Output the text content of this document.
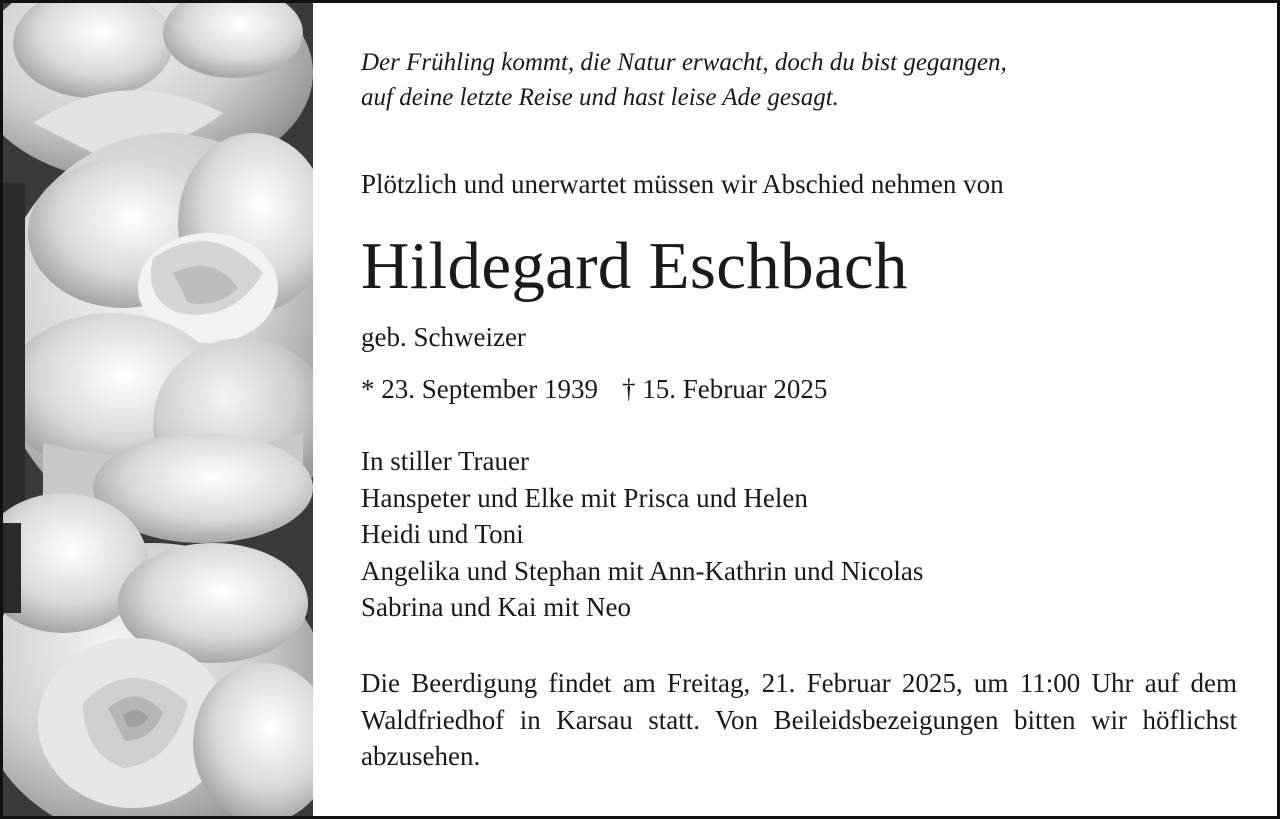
Der Frühling kommt, die Natur erwacht, doch du bist gegangen,
auf deine letzte Reise und hast leise Ade gesagt.
Plötzlich und unerwartet müssen wir Abschied nehmen von
Hildegard Eschbach
geb. Schweizer
* 23. September 1939 † 15. Februar 2025
In stiller Trauer
Hanspeter und Elke mit Prisca und Helen
Heidi und Toni
Angelika und Stephan mit Ann-Kathrin und Nicolas
Sabrina und Kai mit Neo
Die Beerdigung findet am Freitag, 21. Februar 2025, um 11:00 Uhr auf dem Waldfriedhof in Karsau statt. Von Beileidsbezeigungen bitten wir höflichst abzusehen.
